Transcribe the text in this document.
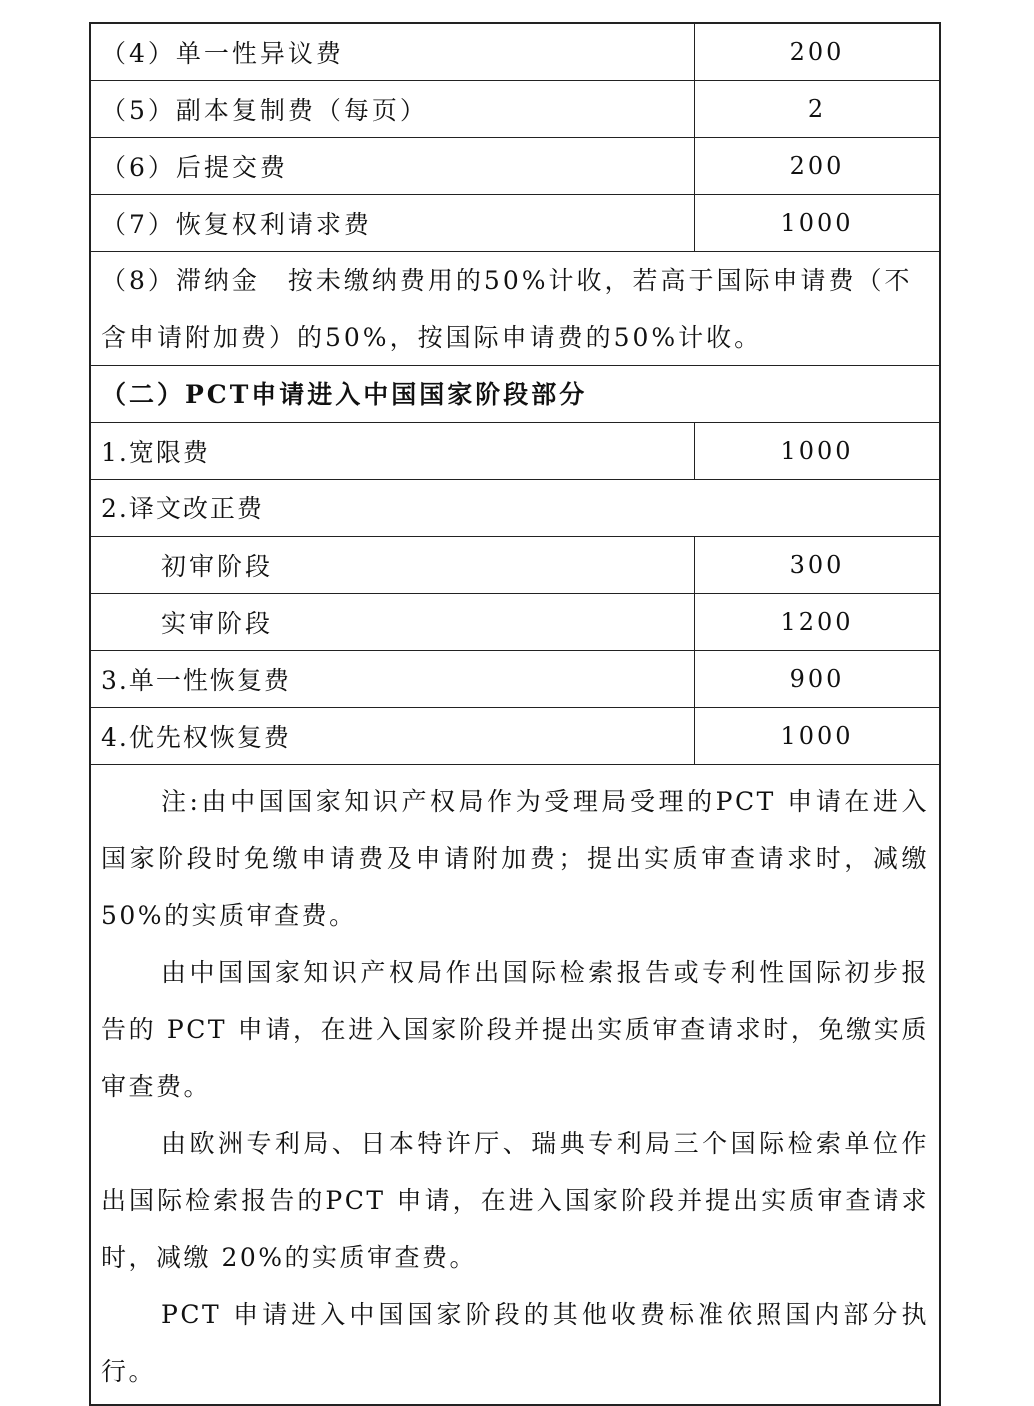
（4）单一性异议费	200
（5）副本复制费（每页）	2
（6）后提交费	200
（7）恢复权利请求费	1000
（8）滞纳金　按未缴纳费用的50%计收，若高于国际申请费（不含申请附加费）的50%，按国际申请费的50%计收。
（二）PCT申请进入中国国家阶段部分
1.宽限费	1000
2.译文改正费
初审阶段	300
实审阶段	1200
3.单一性恢复费	900
4.优先权恢复费	1000

注:由中国国家知识产权局作为受理局受理的PCT 申请在进入国家阶段时免缴申请费及申请附加费；提出实质审查请求时，减缴 50%的实质审查费。

由中国国家知识产权局作出国际检索报告或专利性国际初步报告的 PCT 申请，在进入国家阶段并提出实质审查请求时，免缴实质审查费。

由欧洲专利局、日本特许厅、瑞典专利局三个国际检索单位作出国际检索报告的PCT 申请，在进入国家阶段并提出实质审查请求时，减缴 20%的实质审查费。

PCT 申请进入中国国家阶段的其他收费标准依照国内部分执行。
